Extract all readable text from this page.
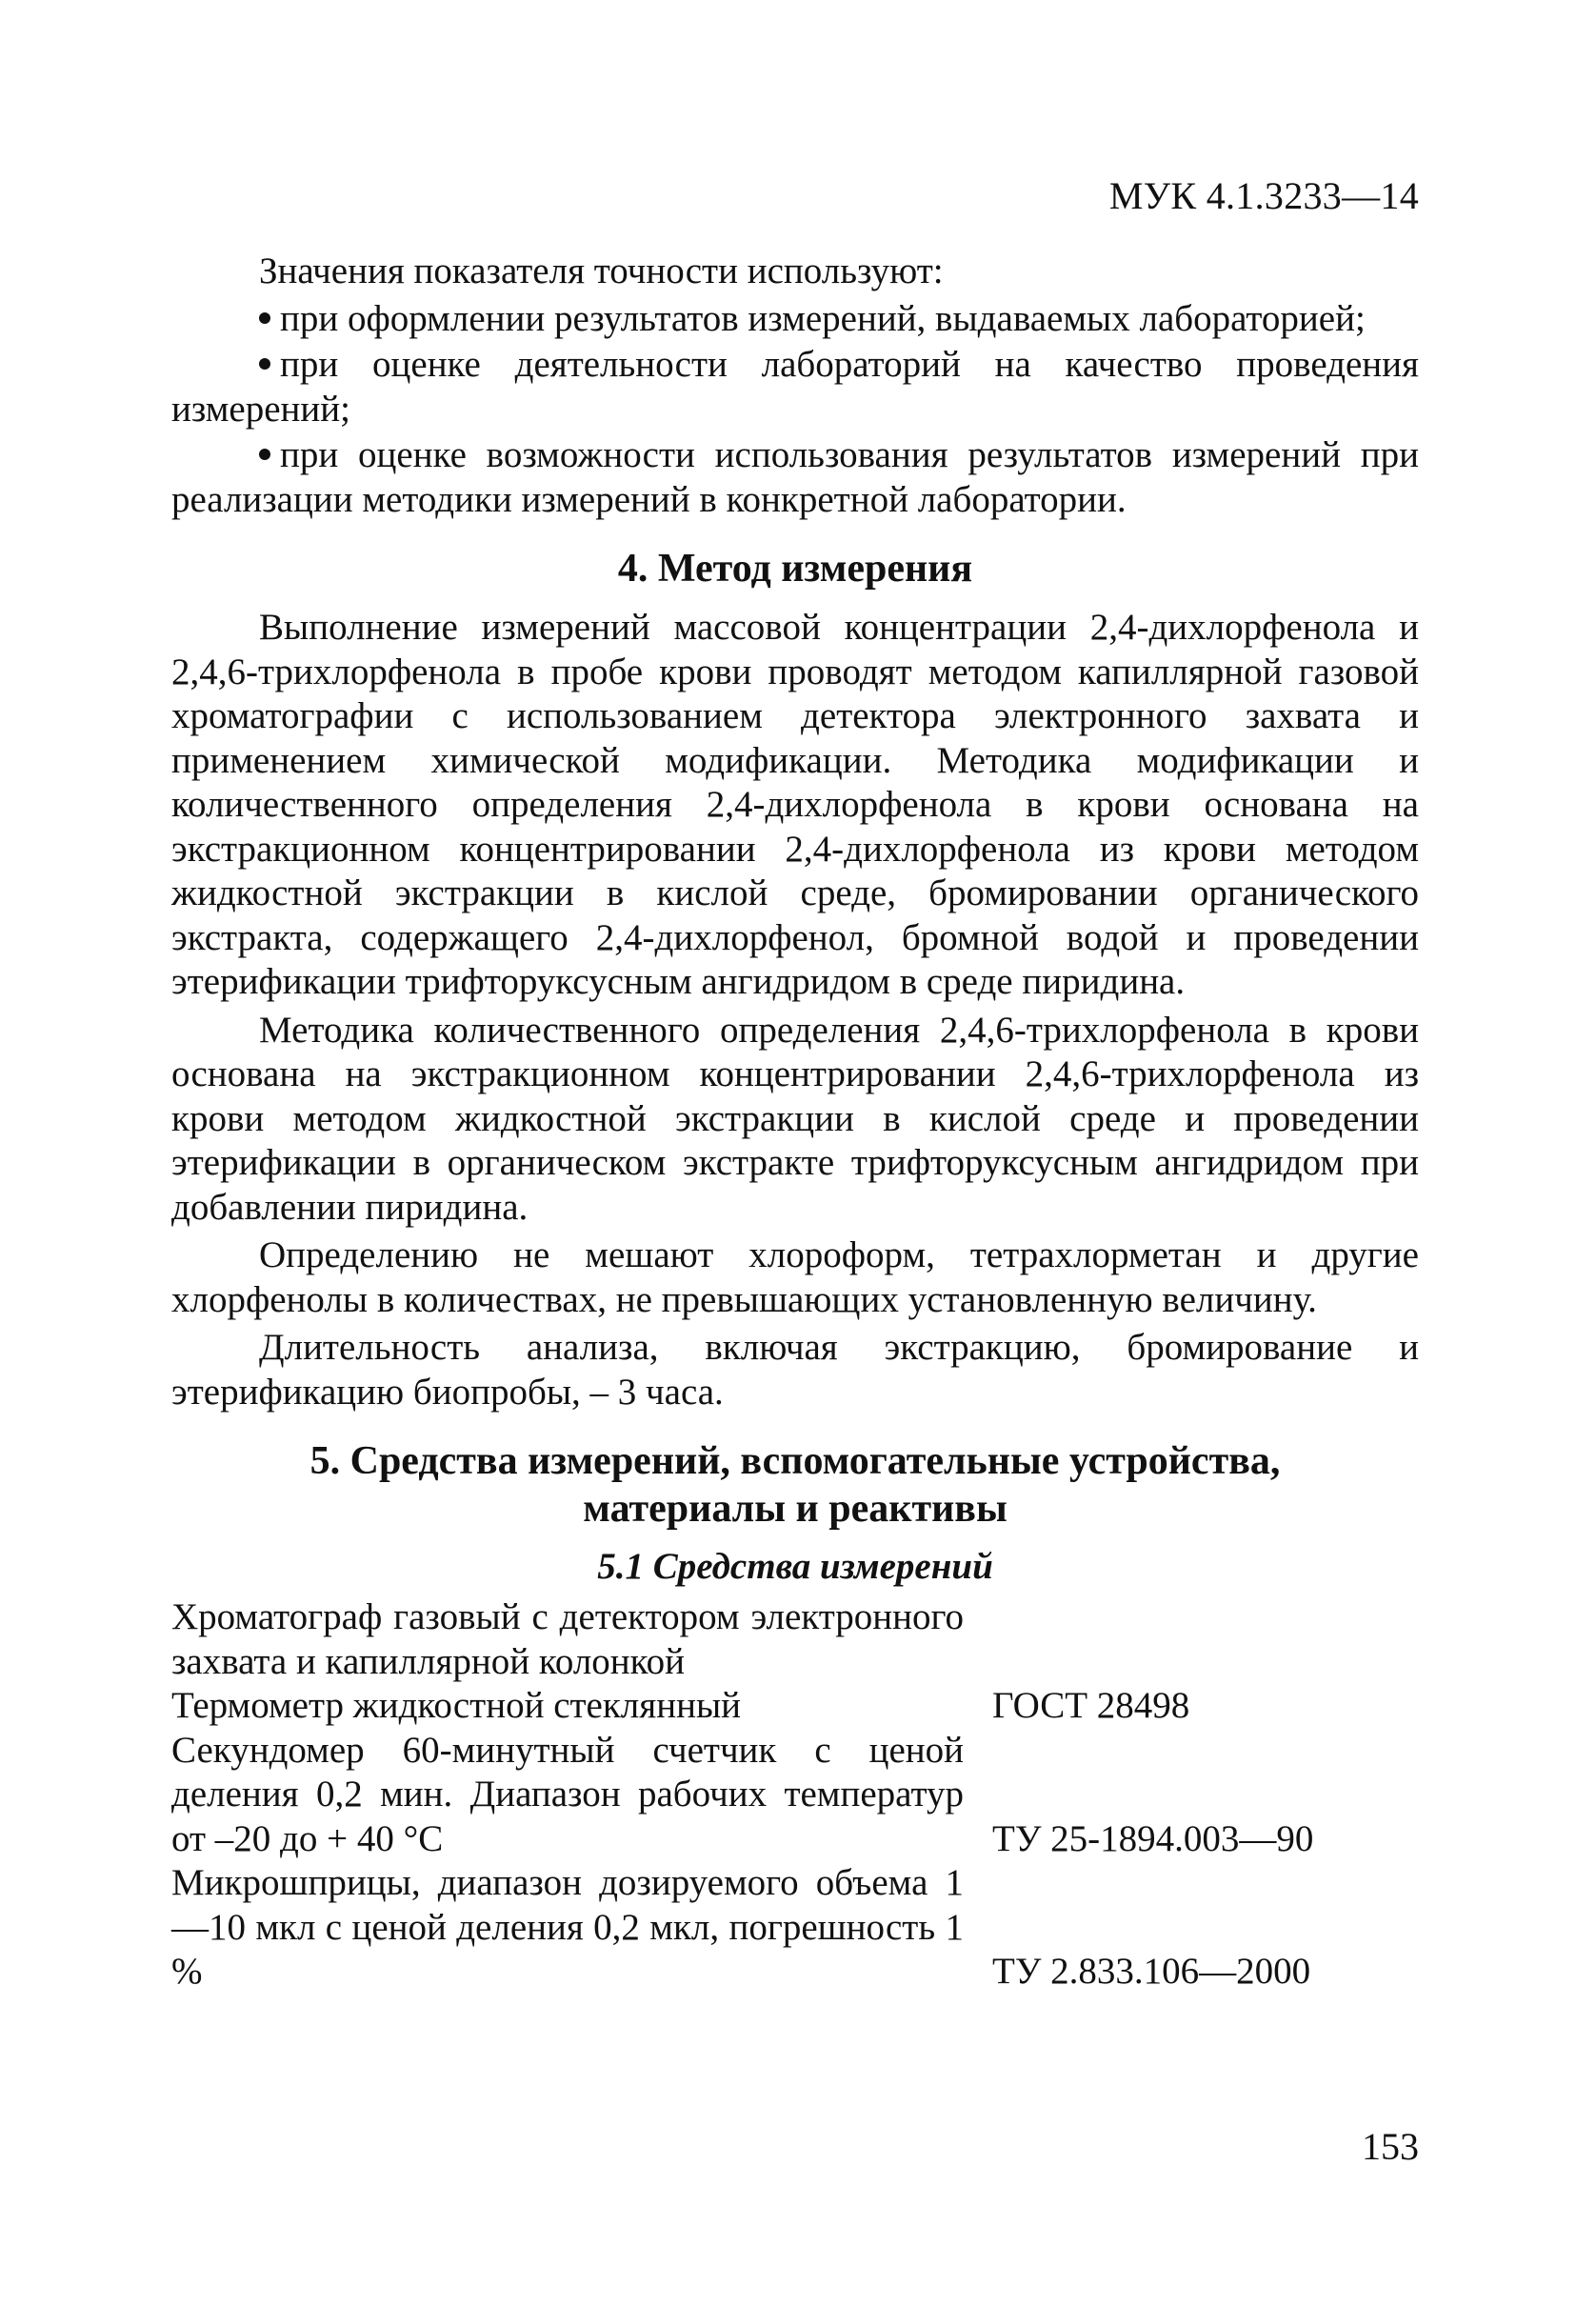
МУК 4.1.3233—14

Значения показателя точности используют:

при оформлении результатов измерений, выдаваемых лабораторией;

при оценке деятельности лабораторий на качество проведения измерений;

при оценке возможности использования результатов измерений при реализации методики измерений в конкретной лаборатории.

4. Метод измерения

Выполнение измерений массовой концентрации 2,4-дихлорфенола и 2,4,6-трихлорфенола в пробе крови проводят методом капиллярной газовой хроматографии с использованием детектора электронного захвата и применением химической модификации. Методика модификации и количественного определения 2,4-дихлорфенола в крови основана на экстракционном концентрировании 2,4-дихлорфенола из крови методом жидкостной экстракции в кислой среде, бромировании органического экстракта, содержащего 2,4-дихлорфенол, бромной водой и проведении этерификации трифторуксусным ангидридом в среде пиридина.

Методика количественного определения 2,4,6-трихлорфенола в крови основана на экстракционном концентрировании 2,4,6-трихлорфенола из крови методом жидкостной экстракции в кислой среде и проведении этерификации в органическом экстракте трифторуксусным ангидридом при добавлении пиридина.

Определению не мешают хлороформ, тетрахлорметан и другие хлорфенолы в количествах, не превышающих установленную величину.

Длительность анализа, включая экстракцию, бромирование и этерификацию биопробы, – 3 часа.

5. Средства измерений, вспомогательные устройства,
материалы и реактивы
5.1 Средства измерений
Хроматограф газовый с детектором электронного захвата и капиллярной колонкой	
Термометр жидкостной стеклянный	ГОСТ 28498
Секундомер 60-минутный счетчик с ценой деления 0,2 мин. Диапазон рабочих температур от –20 до + 40 °С	ТУ 25-1894.003—90
Микрошприцы, диапазон дозируемого объема 1—10 мкл с ценой деления 0,2 мкл, погрешность 1 %	ТУ 2.833.106—2000
153
